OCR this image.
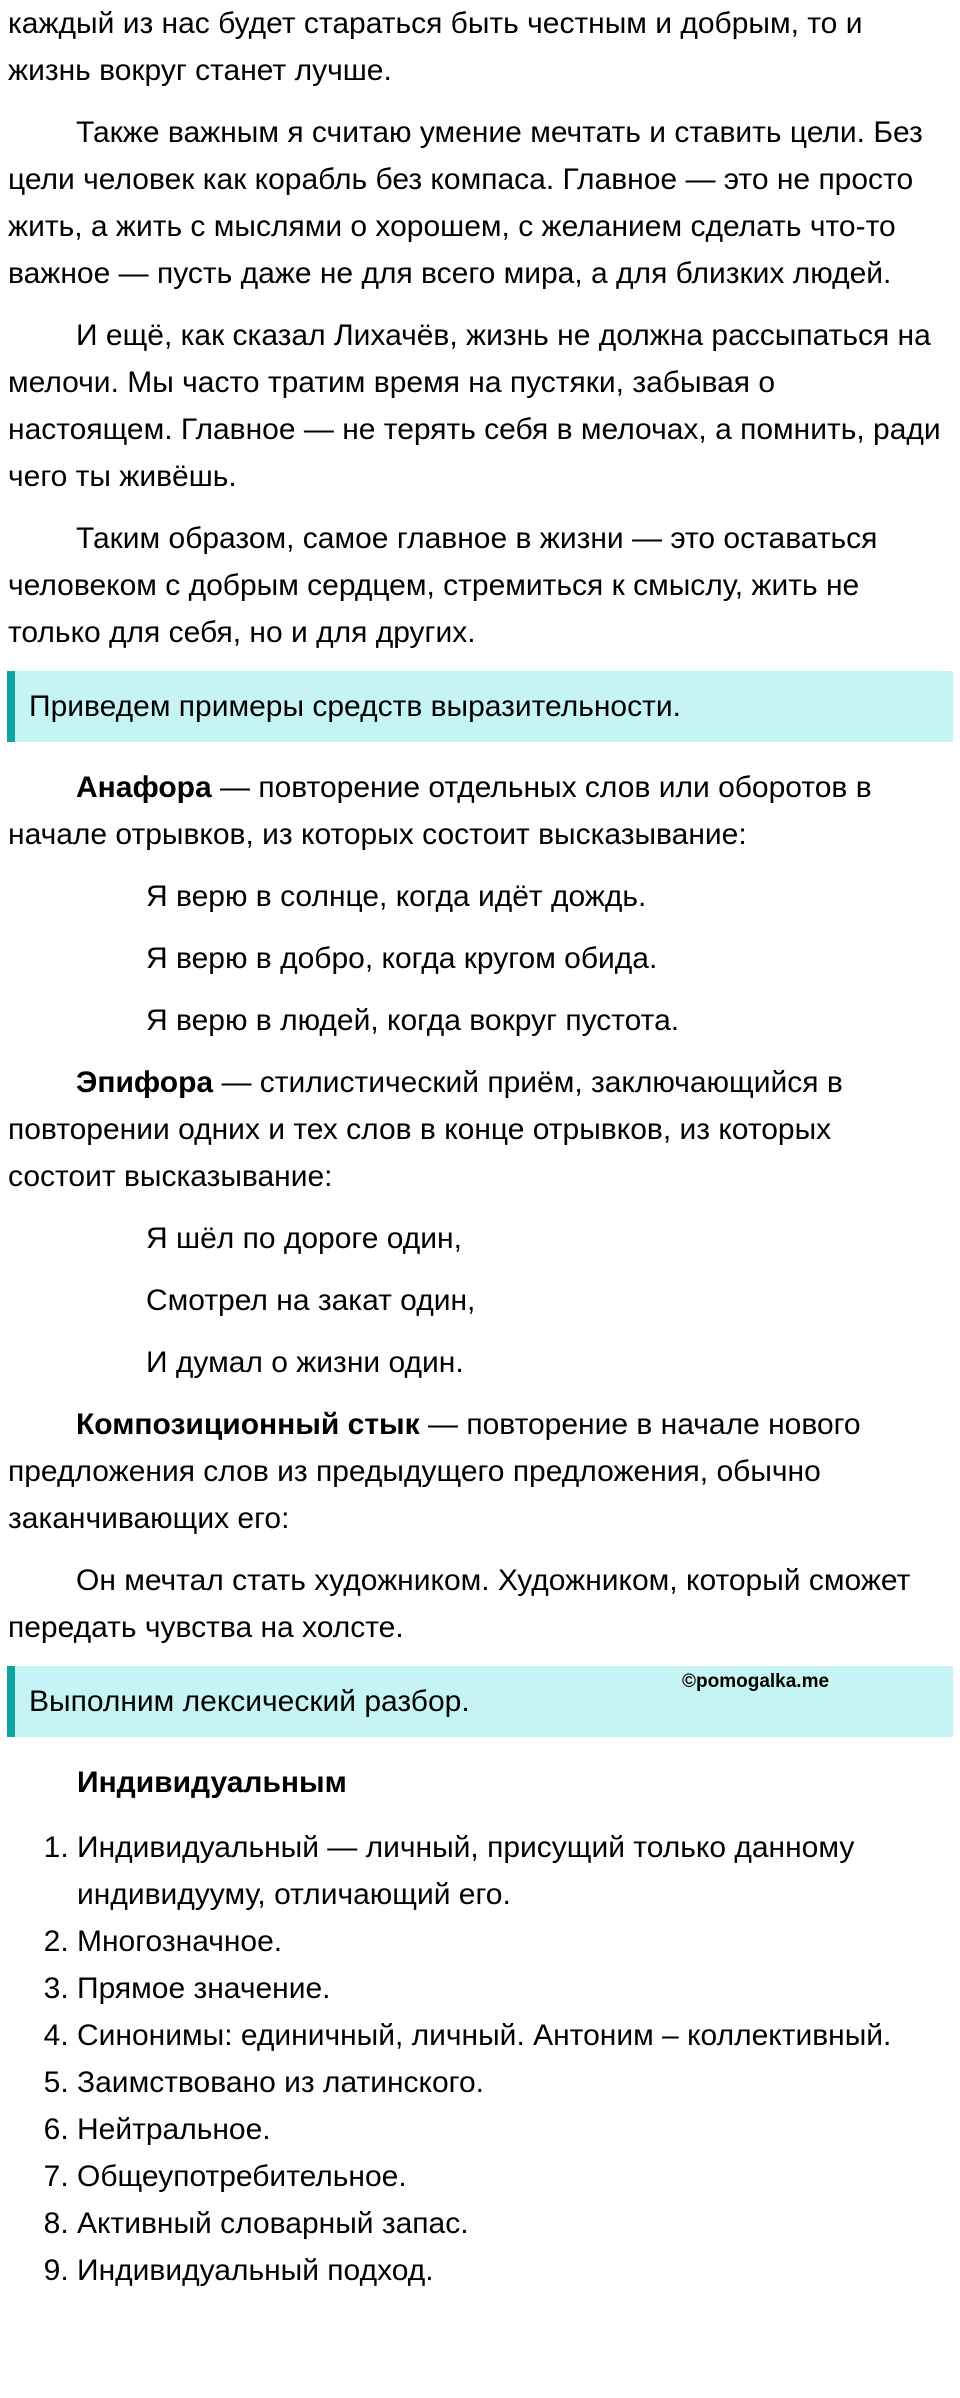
каждый из нас будет стараться быть честным и добрым, то и жизнь вокруг станет лучше.

Также важным я считаю умение мечтать и ставить цели. Без цели человек как корабль без компаса. Главное — это не просто жить, а жить с мыслями о хорошем, с желанием сделать что-то важное — пусть даже не для всего мира, а для близких людей.

И ещё, как сказал Лихачёв, жизнь не должна рассыпаться на мелочи. Мы часто тратим время на пустяки, забывая о настоящем. Главное — не терять себя в мелочах, а помнить, ради чего ты живёшь.

Таким образом, самое главное в жизни — это оставаться человеком с добрым сердцем, стремиться к смыслу, жить не только для себя, но и для других.

Приведем примеры средств выразительности.

Анафора — повторение отдельных слов или оборотов в начале отрывков, из которых состоит высказывание:

Я верю в солнце, когда идёт дождь.

Я верю в добро, когда кругом обида.

Я верю в людей, когда вокруг пустота.

Эпифора — стилистический приём, заключающийся в повторении одних и тех слов в конце отрывков, из которых состоит высказывание:

Я шёл по дороге один,

Смотрел на закат один,

И думал о жизни один.

Композиционный стык — повторение в начале нового предложения слов из предыдущего предложения, обычно заканчивающих его:

Он мечтал стать художником. Художником, который сможет передать чувства на холсте.

©pomogalka.me
Выполним лексический разбор.

Индивидуальным

1. Индивидуальный — личный, присущий только данному индивидууму, отличающий его.
2. Многозначное.
3. Прямое значение.
4. Синонимы: единичный, личный. Антоним – коллективный.
5. Заимствовано из латинского.
6. Нейтральное.
7. Общеупотребительное.
8. Активный словарный запас.
9. Индивидуальный подход.
